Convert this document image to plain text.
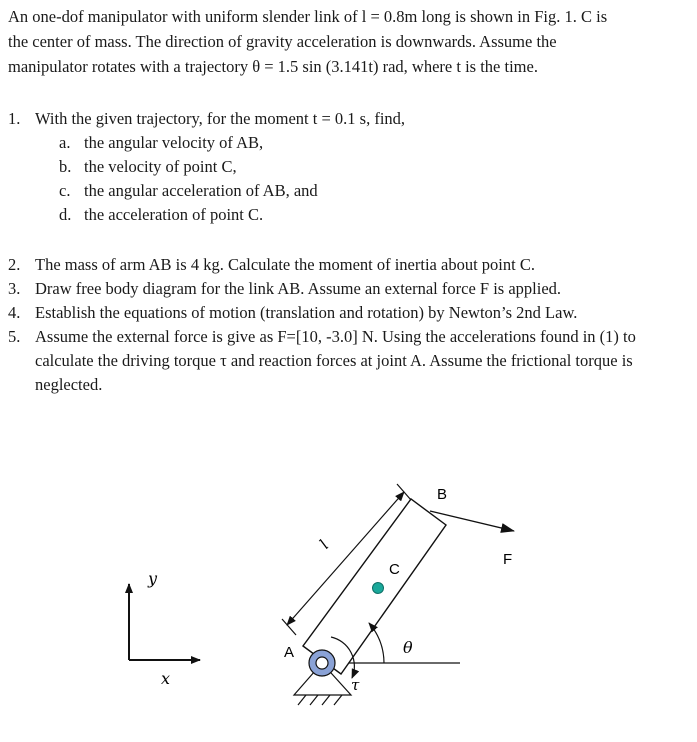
An one-dof manipulator with uniform slender link of l = 0.8m long is shown in Fig. 1. C is

the center of mass. The direction of gravity acceleration is downwards. Assume the

manipulator rotates with a trajectory θ = 1.5 sin (3.141t) rad, where t is the time.

1. With the given trajectory, for the moment t = 0.1 s, find,
a. the angular velocity of AB,
b. the velocity of point C,
c. the angular acceleration of AB, and
d. the acceleration of point C.
2. The mass of arm AB is 4 kg. Calculate the moment of inertia about point C.
3. Draw free body diagram for the link AB. Assume an external force F is applied.
4. Establish the equations of motion (translation and rotation) by Newton’s 2nd Law.
5. Assume the external force is give as F=[10, -3.0] N. Using the accelerations found in (1) to calculate the driving torque τ and reaction forces at joint A. Assume the frictional torque is neglected.
y
x
l
F
B
C
A	θ
τ
